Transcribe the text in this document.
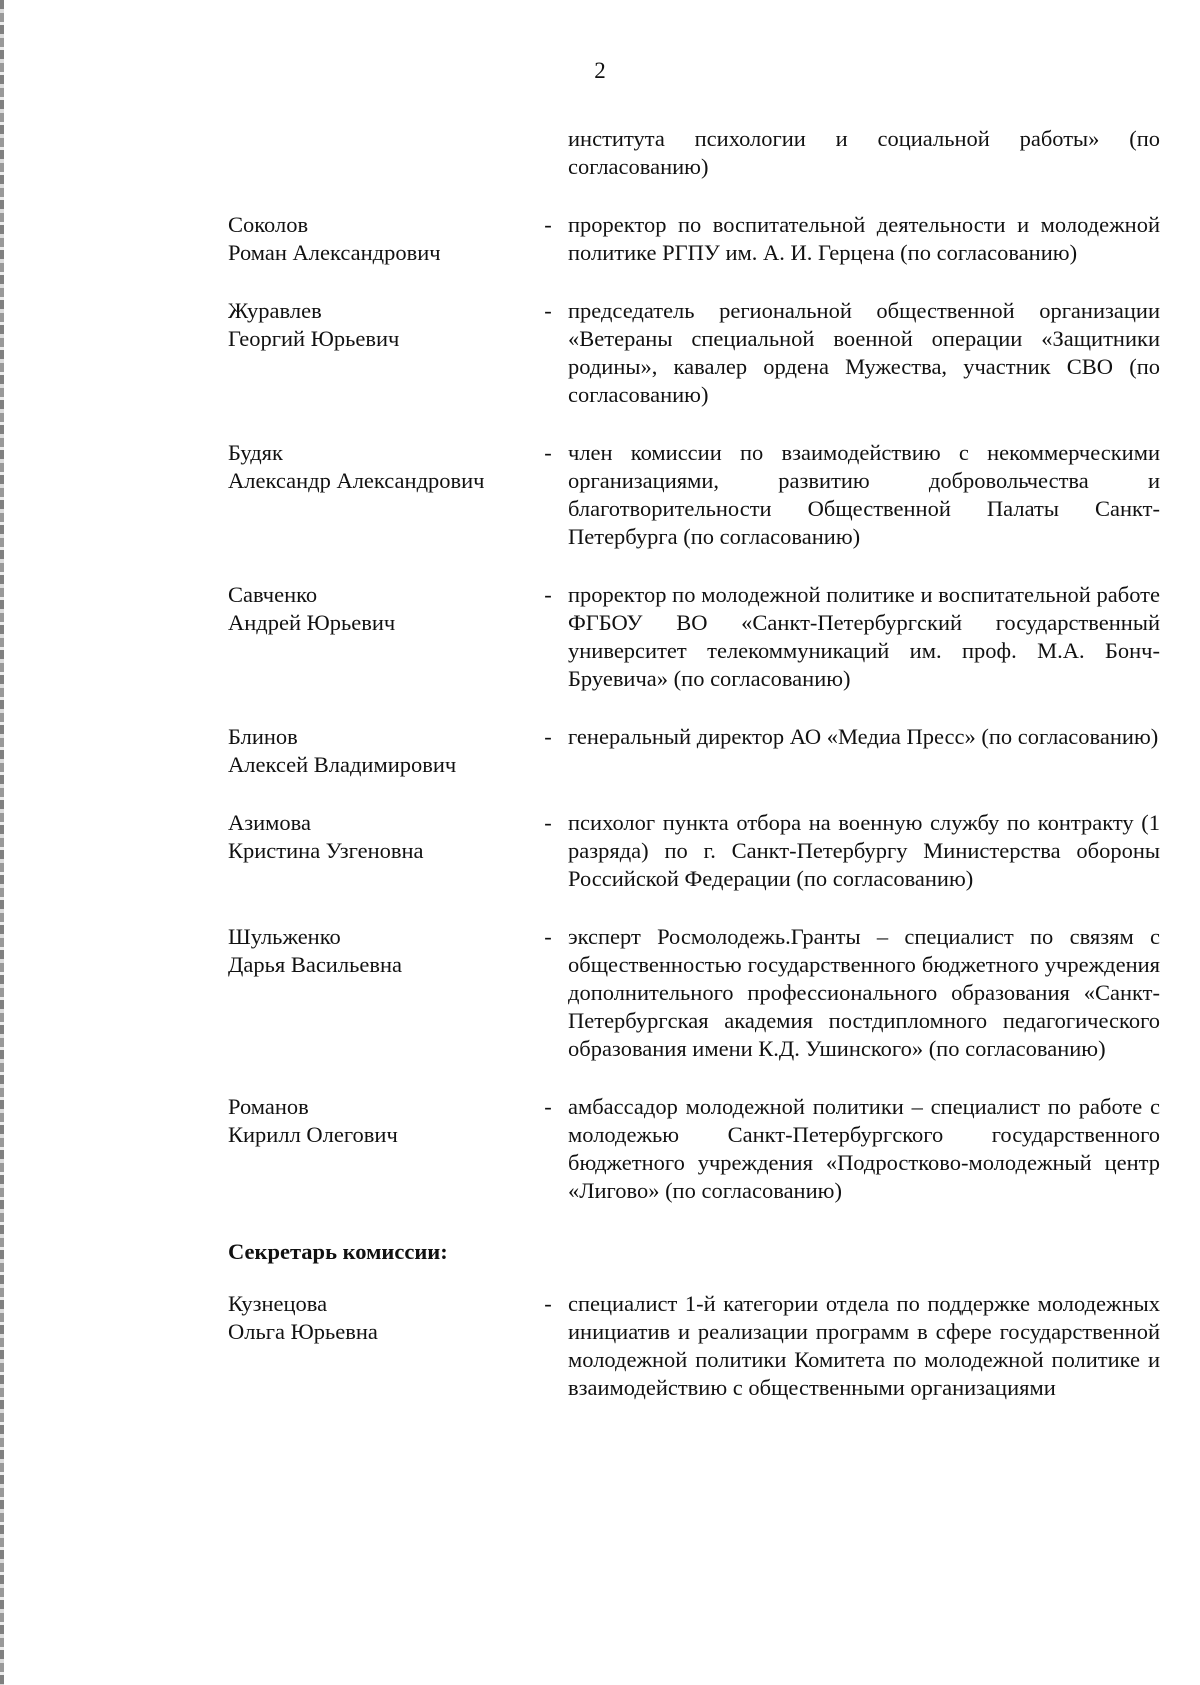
2
института психологии и социальной работы» (по согласованию)
Соколов
Роман Александрович
- проректор по воспитательной деятельности и молодежной политике РГПУ им. А. И. Герцена (по согласованию)
Журавлев
Георгий Юрьевич
- председатель региональной общественной организации «Ветераны специальной военной операции «Защитники родины», кавалер ордена Мужества, участник СВО (по согласованию)
Будяк
Александр Александрович
- член комиссии по взаимодействию с некоммерческими организациями, развитию добровольчества и благотворительности Общественной Палаты Санкт-Петербурга (по согласованию)
Савченко
Андрей Юрьевич
- проректор по молодежной политике и воспитательной работе ФГБОУ ВО «Санкт-Петербургский государственный университет телекоммуникаций им. проф. М.А. Бонч-Бруевича» (по согласованию)
Блинов
Алексей Владимирович
- генеральный директор АО «Медиа Пресс» (по согласованию)
Азимова
Кристина Узгеновна
- психолог пункта отбора на военную службу по контракту (1 разряда) по г. Санкт-Петербургу Министерства обороны Российской Федерации (по согласованию)
Шульженко
Дарья Васильевна
- эксперт Росмолодежь.Гранты – специалист по связям с общественностью государственного бюджетного учреждения дополнительного профессионального образования «Санкт-Петербургская академия постдипломного педагогического образования имени К.Д. Ушинского» (по согласованию)
Романов
Кирилл Олегович
- амбассадор молодежной политики – специалист по работе с молодежью Санкт-Петербургского государственного бюджетного учреждения «Подростково-молодежный центр «Лигово» (по согласованию)
Секретарь комиссии:
Кузнецова
Ольга Юрьевна
- специалист 1-й категории отдела по поддержке молодежных инициатив и реализации программ в сфере государственной молодежной политики Комитета по молодежной политике и взаимодействию с общественными организациями
